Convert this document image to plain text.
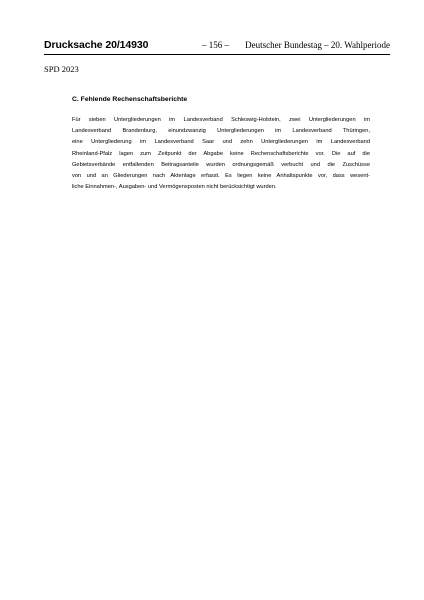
Drucksache 20/14930	– 156 – Deutscher Bundestag – 20. Wahlperiode
SPD 2023
C. Fehlende Rechenschaftsberichte
Für sieben Untergliederungen im Landesverband Schleswig-Holstein, zwei Untergliederungen im
Landesverband Brandenburg, einundzwanzig Untergliederungen im Landesverband Thüringen,
eine Untergliederung im Landesverband Saar und zehn Untergliederungen im Landesverband
Rheinland-Pfalz lagen zum Zeitpunkt der Abgabe keine Rechenschaftsberichte vor. Die auf die
Gebietsverbände entfallenden Beitragsanteile wurden ordnungsgemäß verbucht und die Zuschüsse
von und an Gliederungen nach Aktenlage erfasst. Es liegen keine Anhaltspunkte vor, dass wesent-
liche Einnahmen-, Ausgaben- und Vermögensposten nicht berücksichtigt wurden.
